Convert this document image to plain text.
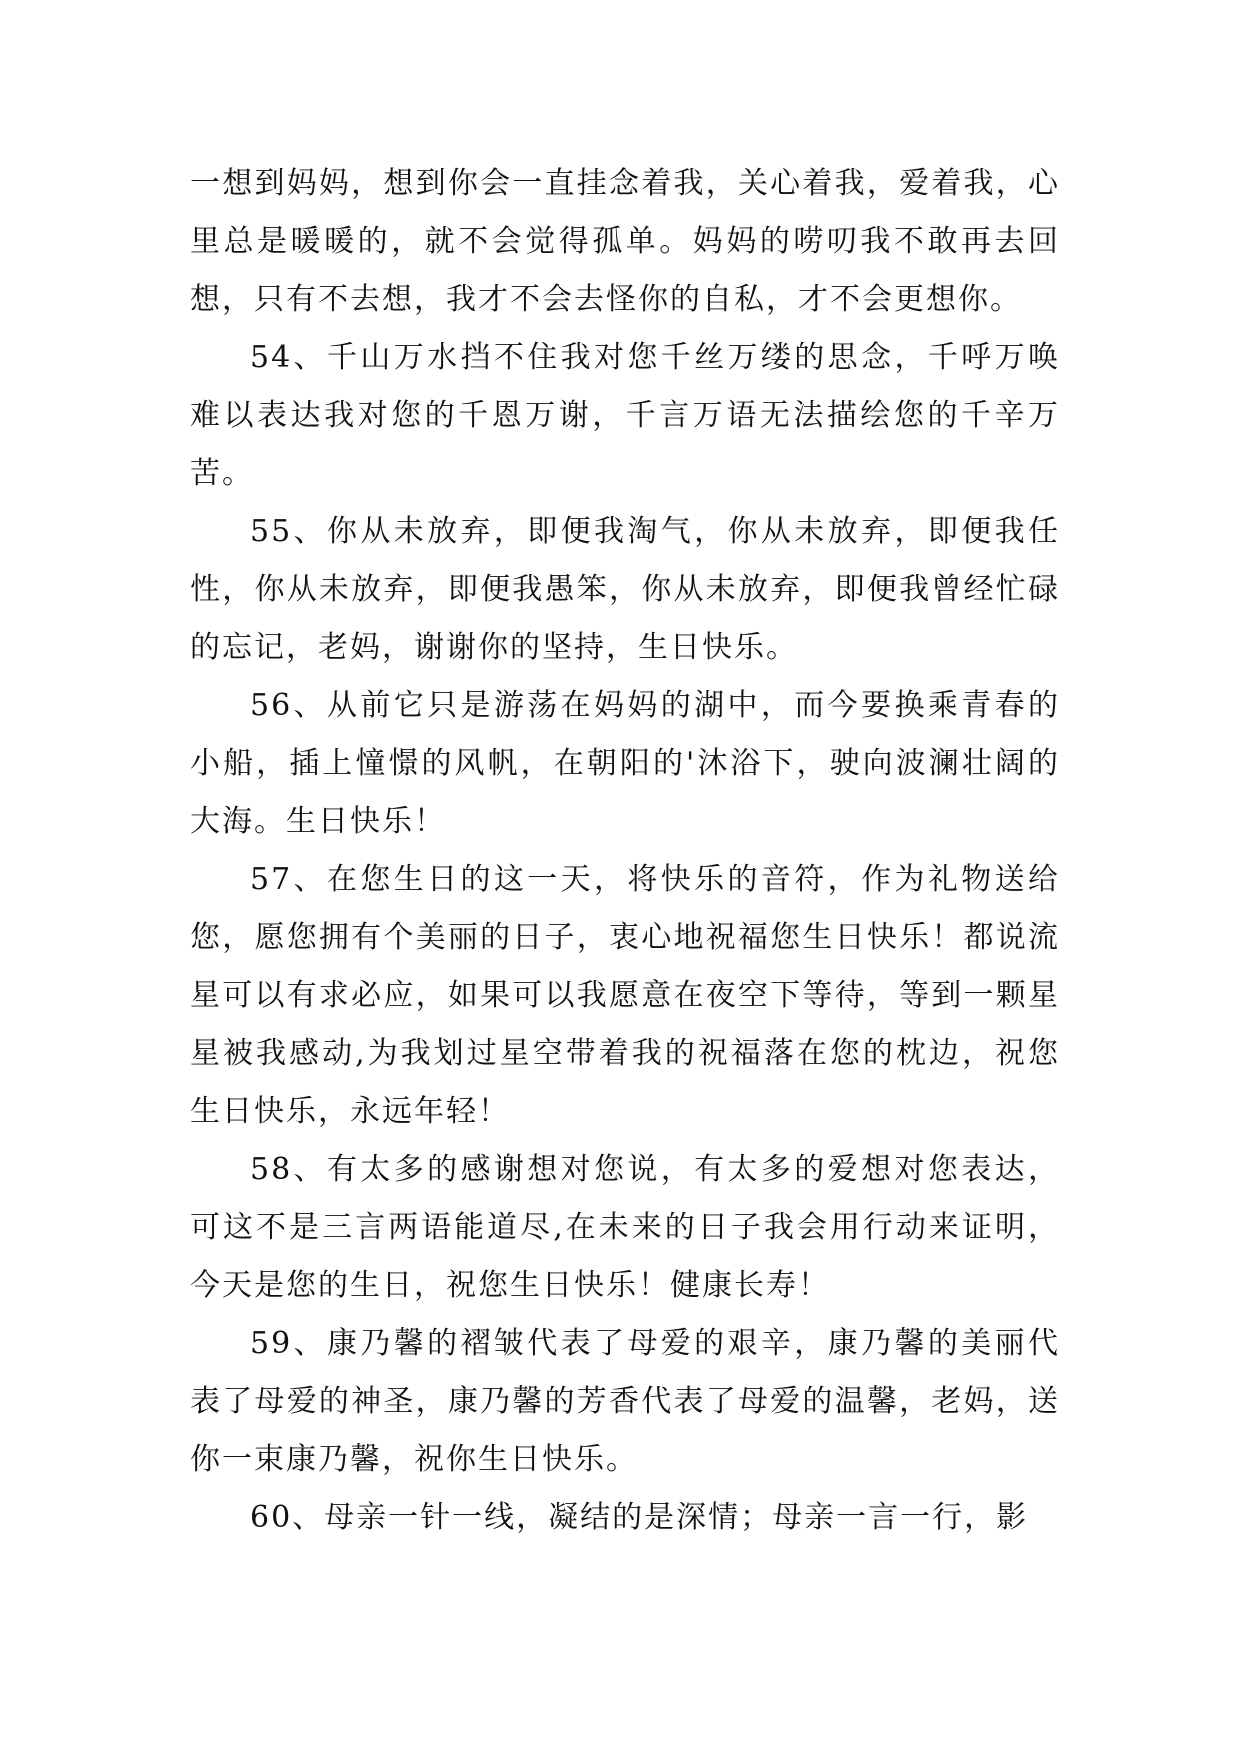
一想到妈妈，想到你会一直挂念着我，关心着我，爱着我，心里总是暖暖的，就不会觉得孤单。妈妈的唠叨我不敢再去回想，只有不去想，我才不会去怪你的自私，才不会更想你。

54、千山万水挡不住我对您千丝万缕的思念，千呼万唤难以表达我对您的千恩万谢，千言万语无法描绘您的千辛万苦。

55、你从未放弃，即便我淘气，你从未放弃，即便我任性，你从未放弃，即便我愚笨，你从未放弃，即便我曾经忙碌的忘记，老妈，谢谢你的坚持，生日快乐。

56、从前它只是游荡在妈妈的湖中，而今要换乘青春的小船，插上憧憬的风帆，在朝阳的'沐浴下，驶向波澜壮阔的大海。生日快乐！

57、在您生日的这一天，将快乐的音符，作为礼物送给您，愿您拥有个美丽的日子，衷心地祝福您生日快乐！都说流星可以有求必应，如果可以我愿意在夜空下等待，等到一颗星星被我感动,为我划过星空带着我的祝福落在您的枕边，祝您生日快乐，永远年轻！

58、有太多的感谢想对您说，有太多的爱想对您表达，可这不是三言两语能道尽,在未来的日子我会用行动来证明，今天是您的生日，祝您生日快乐！健康长寿！

59、康乃馨的褶皱代表了母爱的艰辛，康乃馨的美丽代表了母爱的神圣，康乃馨的芳香代表了母爱的温馨，老妈，送你一束康乃馨，祝你生日快乐。

60、母亲一针一线，凝结的是深情；母亲一言一行，影
